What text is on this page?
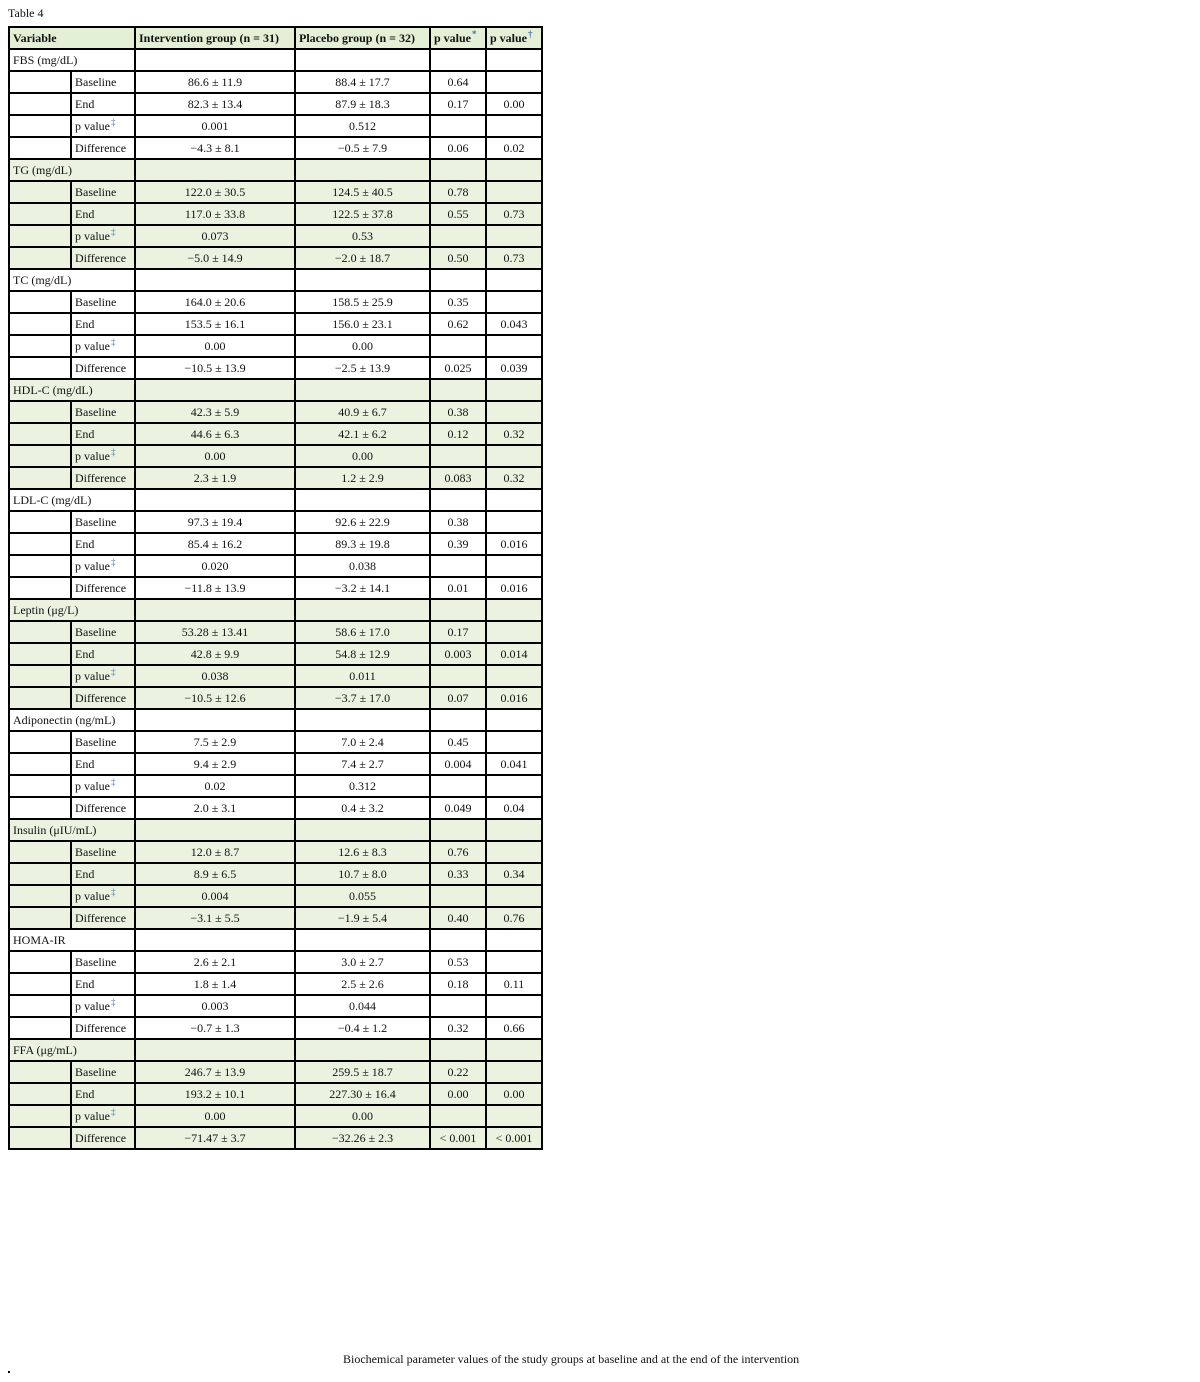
Table 4
Variable		Intervention group (n = 31)	Placebo group (n = 32)	p value*	p value†
FBS (mg/dL)					
	Baseline	86.6 ± 11.9	88.4 ± 17.7	0.64	
	End	82.3 ± 13.4	87.9 ± 18.3	0.17	0.00
	p value‡	0.001	0.512		
	Difference	−4.3 ± 8.1	−0.5 ± 7.9	0.06	0.02
TG (mg/dL)					
	Baseline	122.0 ± 30.5	124.5 ± 40.5	0.78	
	End	117.0 ± 33.8	122.5 ± 37.8	0.55	0.73
	p value‡	0.073	0.53		
	Difference	−5.0 ± 14.9	−2.0 ± 18.7	0.50	0.73
TC (mg/dL)					
	Baseline	164.0 ± 20.6	158.5 ± 25.9	0.35	
	End	153.5 ± 16.1	156.0 ± 23.1	0.62	0.043
	p value‡	0.00	0.00		
	Difference	−10.5 ± 13.9	−2.5 ± 13.9	0.025	0.039
HDL-C (mg/dL)					
	Baseline	42.3 ± 5.9	40.9 ± 6.7	0.38	
	End	44.6 ± 6.3	42.1 ± 6.2	0.12	0.32
	p value‡	0.00	0.00		
	Difference	2.3 ± 1.9	1.2 ± 2.9	0.083	0.32
LDL-C (mg/dL)					
	Baseline	97.3 ± 19.4	92.6 ± 22.9	0.38	
	End	85.4 ± 16.2	89.3 ± 19.8	0.39	0.016
	p value‡	0.020	0.038		
	Difference	−11.8 ± 13.9	−3.2 ± 14.1	0.01	0.016
Leptin (μg/L)					
	Baseline	53.28 ± 13.41	58.6 ± 17.0	0.17	
	End	42.8 ± 9.9	54.8 ± 12.9	0.003	0.014
	p value‡	0.038	0.011		
	Difference	−10.5 ± 12.6	−3.7 ± 17.0	0.07	0.016
Adiponectin (ng/mL)					
	Baseline	7.5 ± 2.9	7.0 ± 2.4	0.45	
	End	9.4 ± 2.9	7.4 ± 2.7	0.004	0.041
	p value‡	0.02	0.312		
	Difference	2.0 ± 3.1	0.4 ± 3.2	0.049	0.04
Insulin (μIU/mL)					
	Baseline	12.0 ± 8.7	12.6 ± 8.3	0.76	
	End	8.9 ± 6.5	10.7 ± 8.0	0.33	0.34
	p value‡	0.004	0.055		
	Difference	−3.1 ± 5.5	−1.9 ± 5.4	0.40	0.76
HOMA-IR					
	Baseline	2.6 ± 2.1	3.0 ± 2.7	0.53	
	End	1.8 ± 1.4	2.5 ± 2.6	0.18	0.11
	p value‡	0.003	0.044		
	Difference	−0.7 ± 1.3	−0.4 ± 1.2	0.32	0.66
FFA (μg/mL)					
	Baseline	246.7 ± 13.9	259.5 ± 18.7	0.22	
	End	193.2 ± 10.1	227.30 ± 16.4	0.00	0.00
	p value‡	0.00	0.00		
	Difference	−71.47 ± 3.7	−32.26 ± 2.3	< 0.001	< 0.001
Biochemical parameter values of the study groups at baseline and at the end of the intervention
